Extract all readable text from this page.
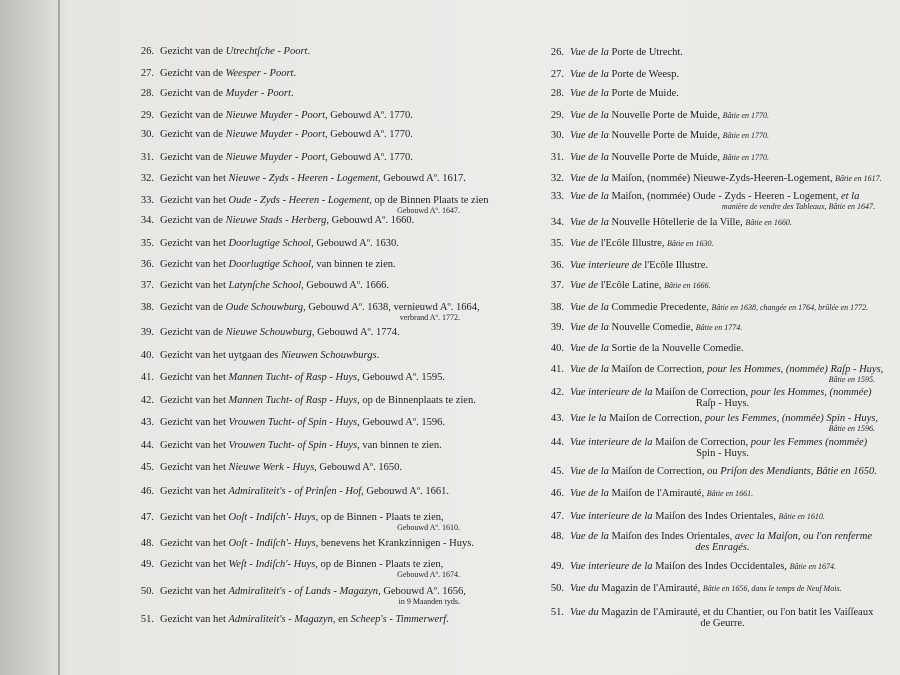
26. Gezicht van de Utrechtſche - Poort.
27. Gezicht van de Weesper - Poort.
28. Gezicht van de Muyder - Poort.
29. Gezicht van de Nieuwe Muyder - Poort, Gebouwd Aº. 1770.
30. Gezicht van de Nieuwe Muyder - Poort, Gebouwd Aº. 1770.
31. Gezicht van de Nieuwe Muyder - Poort, Gebouwd Aº. 1770.
32. Gezicht van het Nieuwe - Zyds - Heeren - Logement, Gebouwd Aº. 1617.
33. Gezicht van het Oude - Zyds - Heeren - Logement, op de Binnen Plaats te zien
Gebouwd Aº. 1647.
34. Gezicht van de Nieuwe Stads - Herberg, Gebouwd Aº. 1660.
35. Gezicht van het Doorlugtige School, Gebouwd Aº. 1630.
36. Gezicht van het Doorlugtige School, van binnen te zien.
37. Gezicht van het Latynſche School, Gebouwd Aº. 1666.
38. Gezicht van de Oude Schouwburg, Gebouwd Aº. 1638, vernieuwd Aº. 1664,
verbrand Aº. 1772.
39. Gezicht van de Nieuwe Schouwburg, Gebouwd Aº. 1774.
40. Gezicht van het uytgaan des Nieuwen Schouwburgs.
41. Gezicht van het Mannen Tucht- of Rasp - Huys, Gebouwd Aº. 1595.
42. Gezicht van het Mannen Tucht- of Rasp - Huys, op de Binnenplaats te zien.
43. Gezicht van het Vrouwen Tucht- of Spin - Huys, Gebouwd Aº. 1596.
44. Gezicht van het Vrouwen Tucht- of Spin - Huys, van binnen te zien.
45. Gezicht van het Nieuwe Werk - Huys, Gebouwd Aº. 1650.
46. Gezicht van het Admiraliteit's - of Prinſen - Hof, Gebouwd Aº. 1661.
47. Gezicht van het Ooſt - Indiſch'- Huys, op de Binnen - Plaats te zien,
Gebouwd Aº. 1610.
48. Gezicht van het Ooſt - Indiſch'- Huys, benevens het Krankzinnigen - Huys.
49. Gezicht van het Weſt - Indiſch'- Huys, op de Binnen - Plaats te zien,
Gebouwd Aº. 1674.
50. Gezicht van het Admiraliteit's - of Lands - Magazyn, Gebouwd Aº. 1656,
in 9 Maanden tyds.
51. Gezicht van het Admiraliteit's - Magazyn, en Scheep's - Timmerwerf.
26. Vue de la Porte de Utrecht.
27. Vue de la Porte de Weesp.
28. Vue de la Porte de Muide.
29. Vue de la Nouvelle Porte de Muide, Bâtie en 1770.
30. Vue de la Nouvelle Porte de Muide, Bâtie en 1770.
31. Vue de la Nouvelle Porte de Muide, Bâtie en 1770.
32. Vue de la Maiſon, (nommée) Nieuwe-Zyds-Heeren-Logement, Bâtie en 1617.
33. Vue de la Maiſon, (nommée) Oude - Zyds - Heeren - Logement, et la
manière de vendre des Tableaux, Bâtie en 1647.
34. Vue de la Nouvelle Hôtellerie de la Ville, Bâtie en 1660.
35. Vue de l'Ecôle Illustre, Bâtie en 1630.
36. Vue interieure de l'Ecôle Illustre.
37. Vue de l'Ecôle Latine, Bâtie en 1666.
38. Vue de la Commedie Precedente, Bâtie en 1638, changée en 1764, brûlée en 1772.
39. Vue de la Nouvelle Comedie, Bâtie en 1774.
40. Vue de la Sortie de la Nouvelle Comedie.
41. Vue de la Maiſon de Correction, pour les Hommes, (nommée) Raſp - Huys,
Bâtie en 1595.
42. Vue interieure de la Maiſon de Correction, pour les Hommes, (nommée)
Raſp - Huys.
43. Vue le la Maiſon de Correction, pour les Femmes, (nommée) Spin - Huys,
Bâtie en 1596.
44. Vue interieure de la Maiſon de Correction, pour les Femmes (nommée)
Spin - Huys.
45. Vue de la Maiſon de Correction, ou Priſon des Mendiants, Bâtie en 1650.
46. Vue de la Maiſon de l'Amirauté, Bâtie en 1661.
47. Vue interieure de la Maiſon des Indes Orientales, Bâtie en 1610.
48. Vue de la Maiſon des Indes Orientales, avec la Maiſon, ou l'on renferme
des Enragés.
49. Vue interieure de la Maiſon des Indes Occidentales, Bâtie en 1674.
50. Vue du Magazin de l'Amirauté, Bâtie en 1656, dans le temps de Neuf Mois.
51. Vue du Magazin de l'Amirauté, et du Chantier, ou l'on batit les Vaiſſeaux
de Geurre.
